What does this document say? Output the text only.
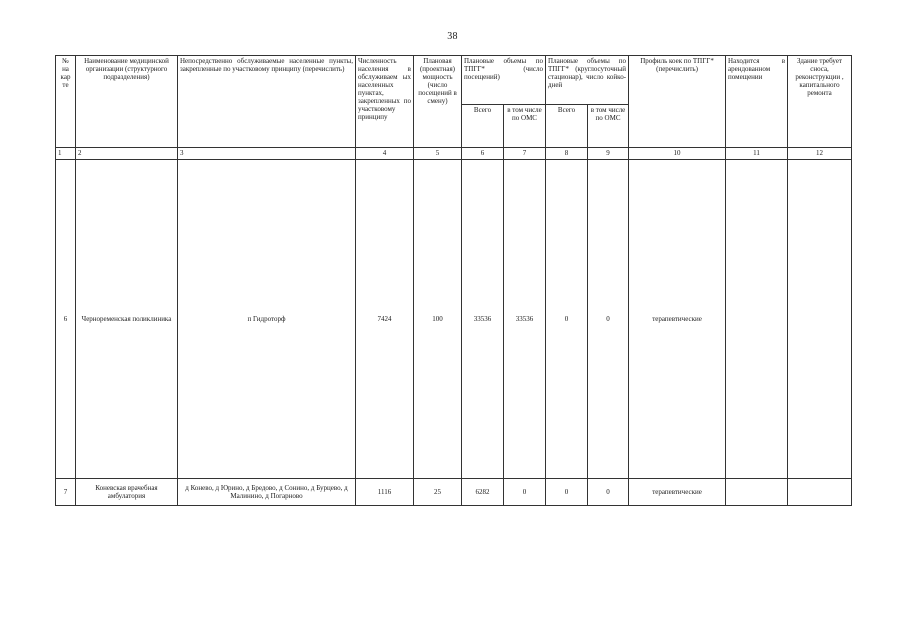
38
№ на кар те	Наименование медицинской организации (структурного подразделения)	Непосредственно обслуживаемые населенные пункты, закрепленные по участковому принципу (перечислить)	Численность населения в обслуживаем ых населенных пунктах, закрепленных по участковому принципу	Плановая (проектная) мощность (число посещений в смену)	Плановые объемы по ТПГГ* (число посещений)		Плановые объемы по ТПГГ* (круглосуточный стационар), число койко-дней		Профиль коек по ТПГГ* (перечислить)	Находится в арендованном помещении	Здание требует сноса, реконструкции , капитального ремонта
					Всего	в том числе по ОМС	Всего	в том числе по ОМС			
1	2	3	4	5	6	7	8	9	10	11	12
6	Черноременская поликлиника	п Гидроторф	7424	100	33536	33536	0	0	терапевтические		
7	Коневская врачебная амбулатория	д Конево, д Юрино, д Бредово, д Сонино, д Бурцево, д Малинино, д Погарново	1116	25	6282	0	0	0	терапевтические		
